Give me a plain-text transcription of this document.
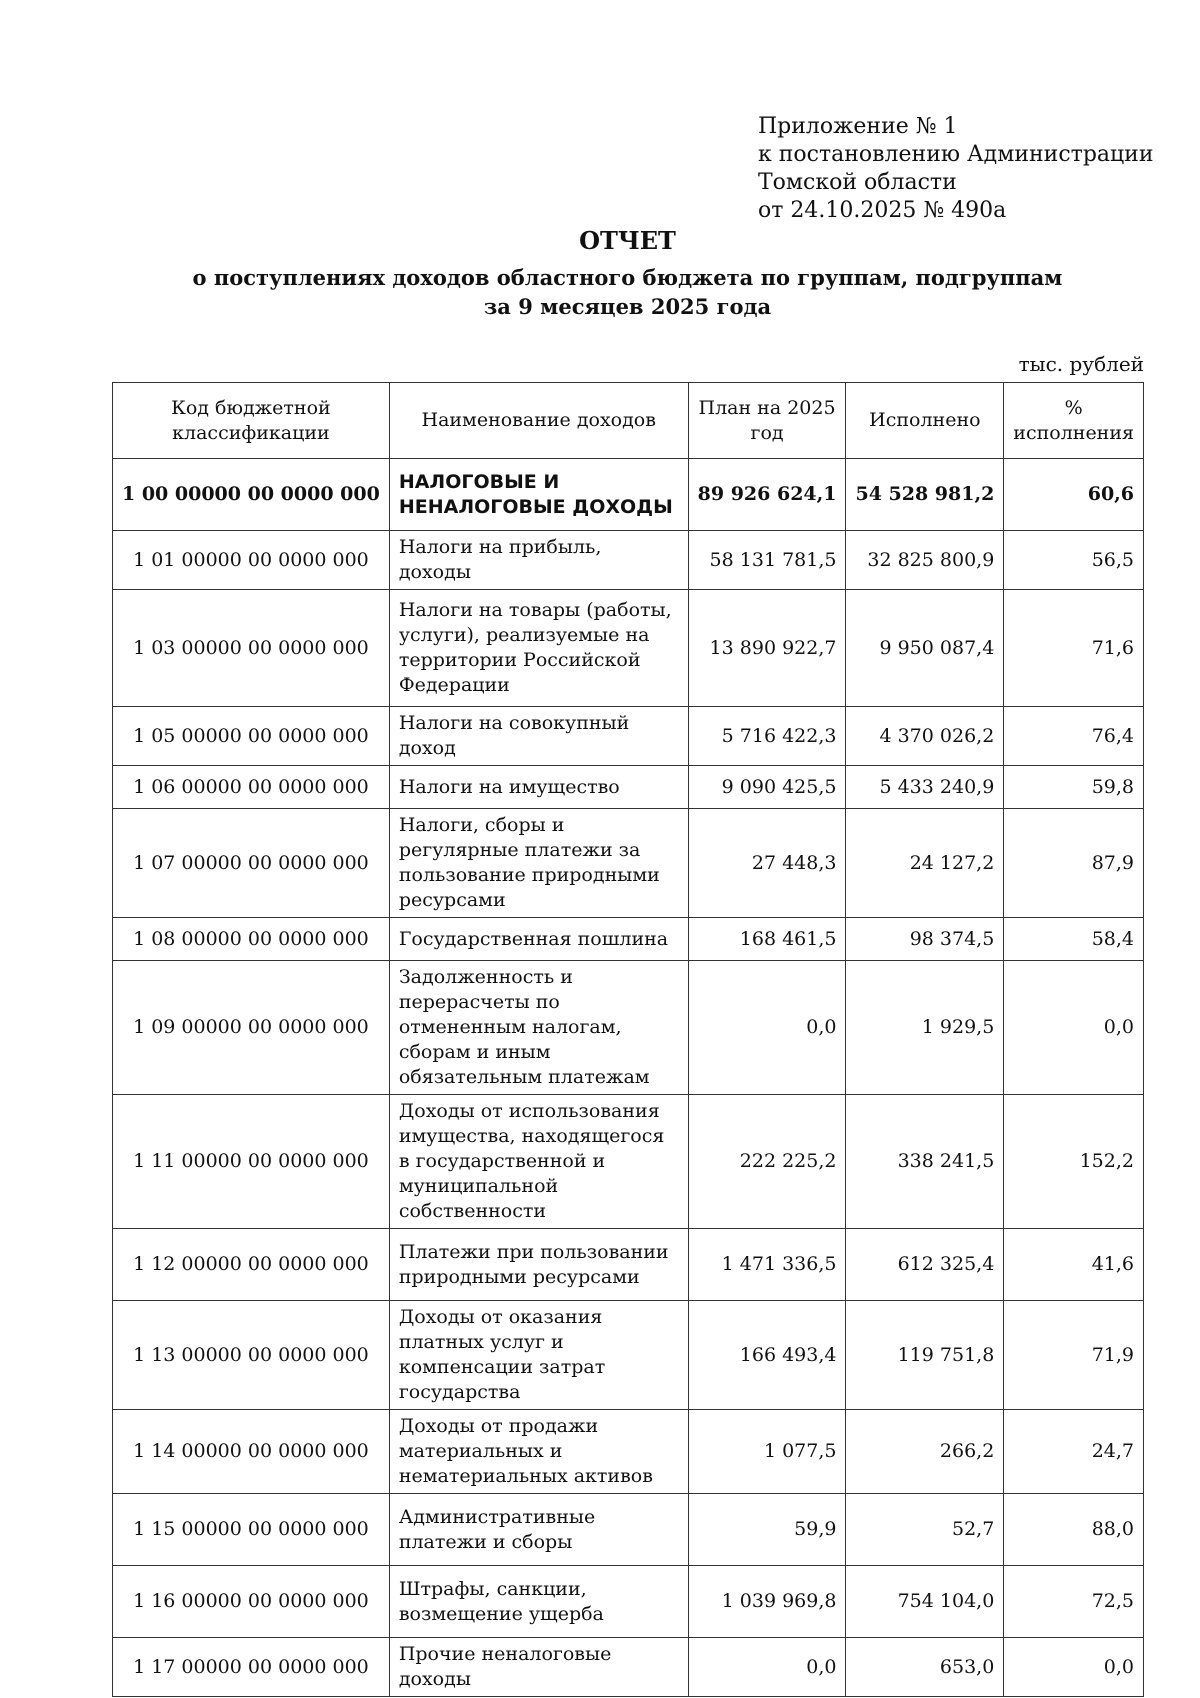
Приложение № 1
к постановлению Администрации
Томской области
от 24.10.2025 № 490а
ОТЧЕТ
о поступлениях доходов областного бюджета по группам, подгруппам
за 9 месяцев 2025 года
тыс. рублей
Код бюджетной классификации	Наименование доходов	План на 2025 год	Исполнено	% исполнения
1 00 00000 00 0000 000	НАЛОГОВЫЕ И НЕНАЛОГОВЫЕ ДОХОДЫ	89 926 624,1	54 528 981,2	60,6
1 01 00000 00 0000 000	Налоги на прибыль, доходы	58 131 781,5	32 825 800,9	56,5
1 03 00000 00 0000 000	Налоги на товары (работы, услуги), реализуемые на территории Российской Федерации	13 890 922,7	9 950 087,4	71,6
1 05 00000 00 0000 000	Налоги на совокупный доход	5 716 422,3	4 370 026,2	76,4
1 06 00000 00 0000 000	Налоги на имущество	9 090 425,5	5 433 240,9	59,8
1 07 00000 00 0000 000	Налоги, сборы и регулярные платежи за пользование природными ресурсами	27 448,3	24 127,2	87,9
1 08 00000 00 0000 000	Государственная пошлина	168 461,5	98 374,5	58,4
1 09 00000 00 0000 000	Задолженность и перерасчеты по отмененным налогам, сборам и иным обязательным платежам	0,0	1 929,5	0,0
1 11 00000 00 0000 000	Доходы от использования имущества, находящегося в государственной и муниципальной собственности	222 225,2	338 241,5	152,2
1 12 00000 00 0000 000	Платежи при пользовании природными ресурсами	1 471 336,5	612 325,4	41,6
1 13 00000 00 0000 000	Доходы от оказания платных услуг и компенсации затрат государства	166 493,4	119 751,8	71,9
1 14 00000 00 0000 000	Доходы от продажи материальных и нематериальных активов	1 077,5	266,2	24,7
1 15 00000 00 0000 000	Административные платежи и сборы	59,9	52,7	88,0
1 16 00000 00 0000 000	Штрафы, санкции, возмещение ущерба	1 039 969,8	754 104,0	72,5
1 17 00000 00 0000 000	Прочие неналоговые доходы	0,0	653,0	0,0
